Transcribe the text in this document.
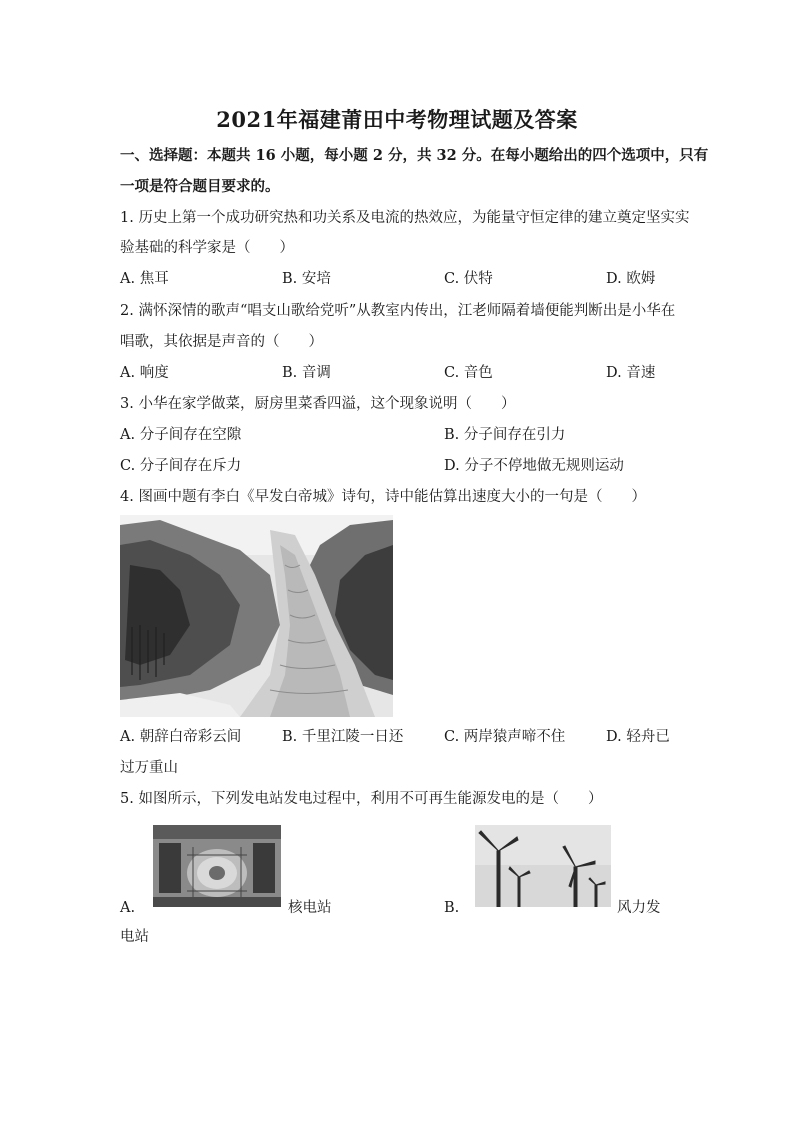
2021年福建莆田中考物理试题及答案
一、选择题：本题共 16 小题，每小题 2 分，共 32 分。在每小题给出的四个选项中，只有
一项是符合题目要求的。
1. 历史上第一个成功研究热和功关系及电流的热效应，为能量守恒定律的建立奠定坚实实
验基础的科学家是（　　）
A. 焦耳	B. 安培	C. 伏特	D. 欧姆
2. 满怀深情的歌声“唱支山歌给党听”从教室内传出，江老师隔着墙便能判断出是小华在
唱歌，其依据是声音的（　　）
A. 响度	B. 音调	C. 音色	D. 音速
3. 小华在家学做菜，厨房里菜香四溢，这个现象说明（　　）
A. 分子间存在空隙	B. 分子间存在引力
C. 分子间存在斥力	D. 分子不停地做无规则运动
4. 图画中题有李白《早发白帝城》诗句，诗中能估算出速度大小的一句是（　　）
A. 朝辞白帝彩云间	B. 千里江陵一日还	C. 两岸猿声啼不住	D. 轻舟已
过万重山
5. 如图所示，下列发电站发电过程中，利用不可再生能源发电的是（　　）
A.	核电站	B.	风力发
电站
